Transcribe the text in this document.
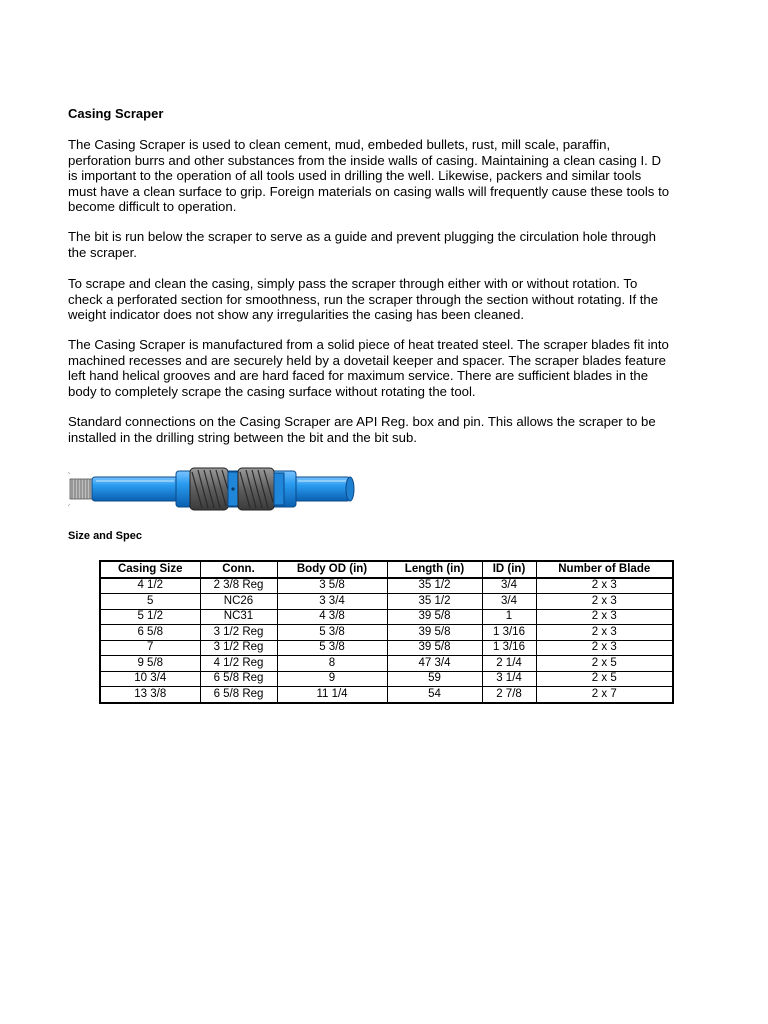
Casing Scraper
The Casing Scraper is used to clean cement, mud, embeded bullets, rust, mill scale, paraffin,
perforation burrs and other substances from the inside walls of casing. Maintaining a clean casing I. D
is important to the operation of all tools used in drilling the well. Likewise, packers and similar tools
must have a clean surface to grip. Foreign materials on casing walls will frequently cause these tools to
become difficult to operation.
The bit is run below the scraper to serve as a guide and prevent plugging the circulation hole through
the scraper.
To scrape and clean the casing, simply pass the scraper through either with or without rotation. To
check a perforated section for smoothness, run the scraper through the section without rotating. If the
weight indicator does not show any irregularities the casing has been cleaned.
The Casing Scraper is manufactured from a solid piece of heat treated steel. The scraper blades fit into
machined recesses and are securely held by a dovetail keeper and spacer. The scraper blades feature
left hand helical grooves and are hard faced for maximum service. There are sufficient blades in the
body to completely scrape the casing surface without rotating the tool.
Standard connections on the Casing Scraper are API Reg. box and pin. This allows the scraper to be
installed in the drilling string between the bit and the bit sub.
Size and Spec
Casing Size	Conn.	Body OD (in)	Length (in)	ID (in)	Number of Blade
4 1/2	2 3/8 Reg	3 5/8	35 1/2	3/4	2 x 3
5	NC26	3 3/4	35 1/2	3/4	2 x 3
5 1/2	NC31	4 3/8	39 5/8	1	2 x 3
6 5/8	3 1/2 Reg	5 3/8	39 5/8	1 3/16	2 x 3
7	3 1/2 Reg	5 3/8	39 5/8	1 3/16	2 x 3
9 5/8	4 1/2 Reg	8	47 3/4	2 1/4	2 x 5
10 3/4	6 5/8 Reg	9	59	3 1/4	2 x 5
13 3/8	6 5/8 Reg	11 1/4	54	2 7/8	2 x 7
